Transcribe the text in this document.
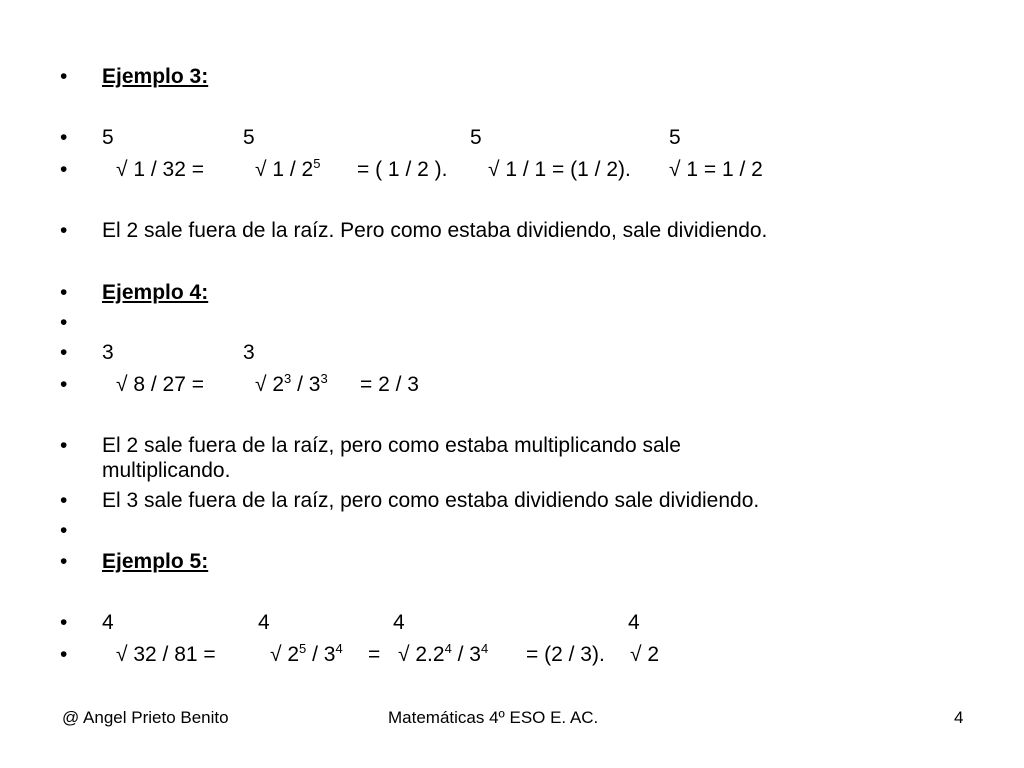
• Ejemplo 3:
• 5	5	5	5
• √ 1 / 32 = √ $1 / 2^5$ = ( 1 / 2 ). √ 1 / 1 = (1 / 2). √ 1 = 1 / 2
• El 2 sale fuera de la raíz. Pero como estaba dividiendo, sale dividiendo.
• Ejemplo 4:
•
• 3	3
• √ 8 / 27 = √ $2^3 / 3^3 = 2 / 3$
• El 2 sale fuera de la raíz, pero como estaba multiplicando sale
multiplicando.
• El 3 sale fuera de la raíz, pero como estaba dividiendo sale dividiendo.
•
• Ejemplo 5:
• 4	4	4	4
• √ 32 / 81 =	√ $2^5 / 3^4$ = √ $2.2^4 / 3^4 = (2 / 3)$. √ 2
@ Angel Prieto Benito	Matemáticas 4º ESO E. AC.	4
